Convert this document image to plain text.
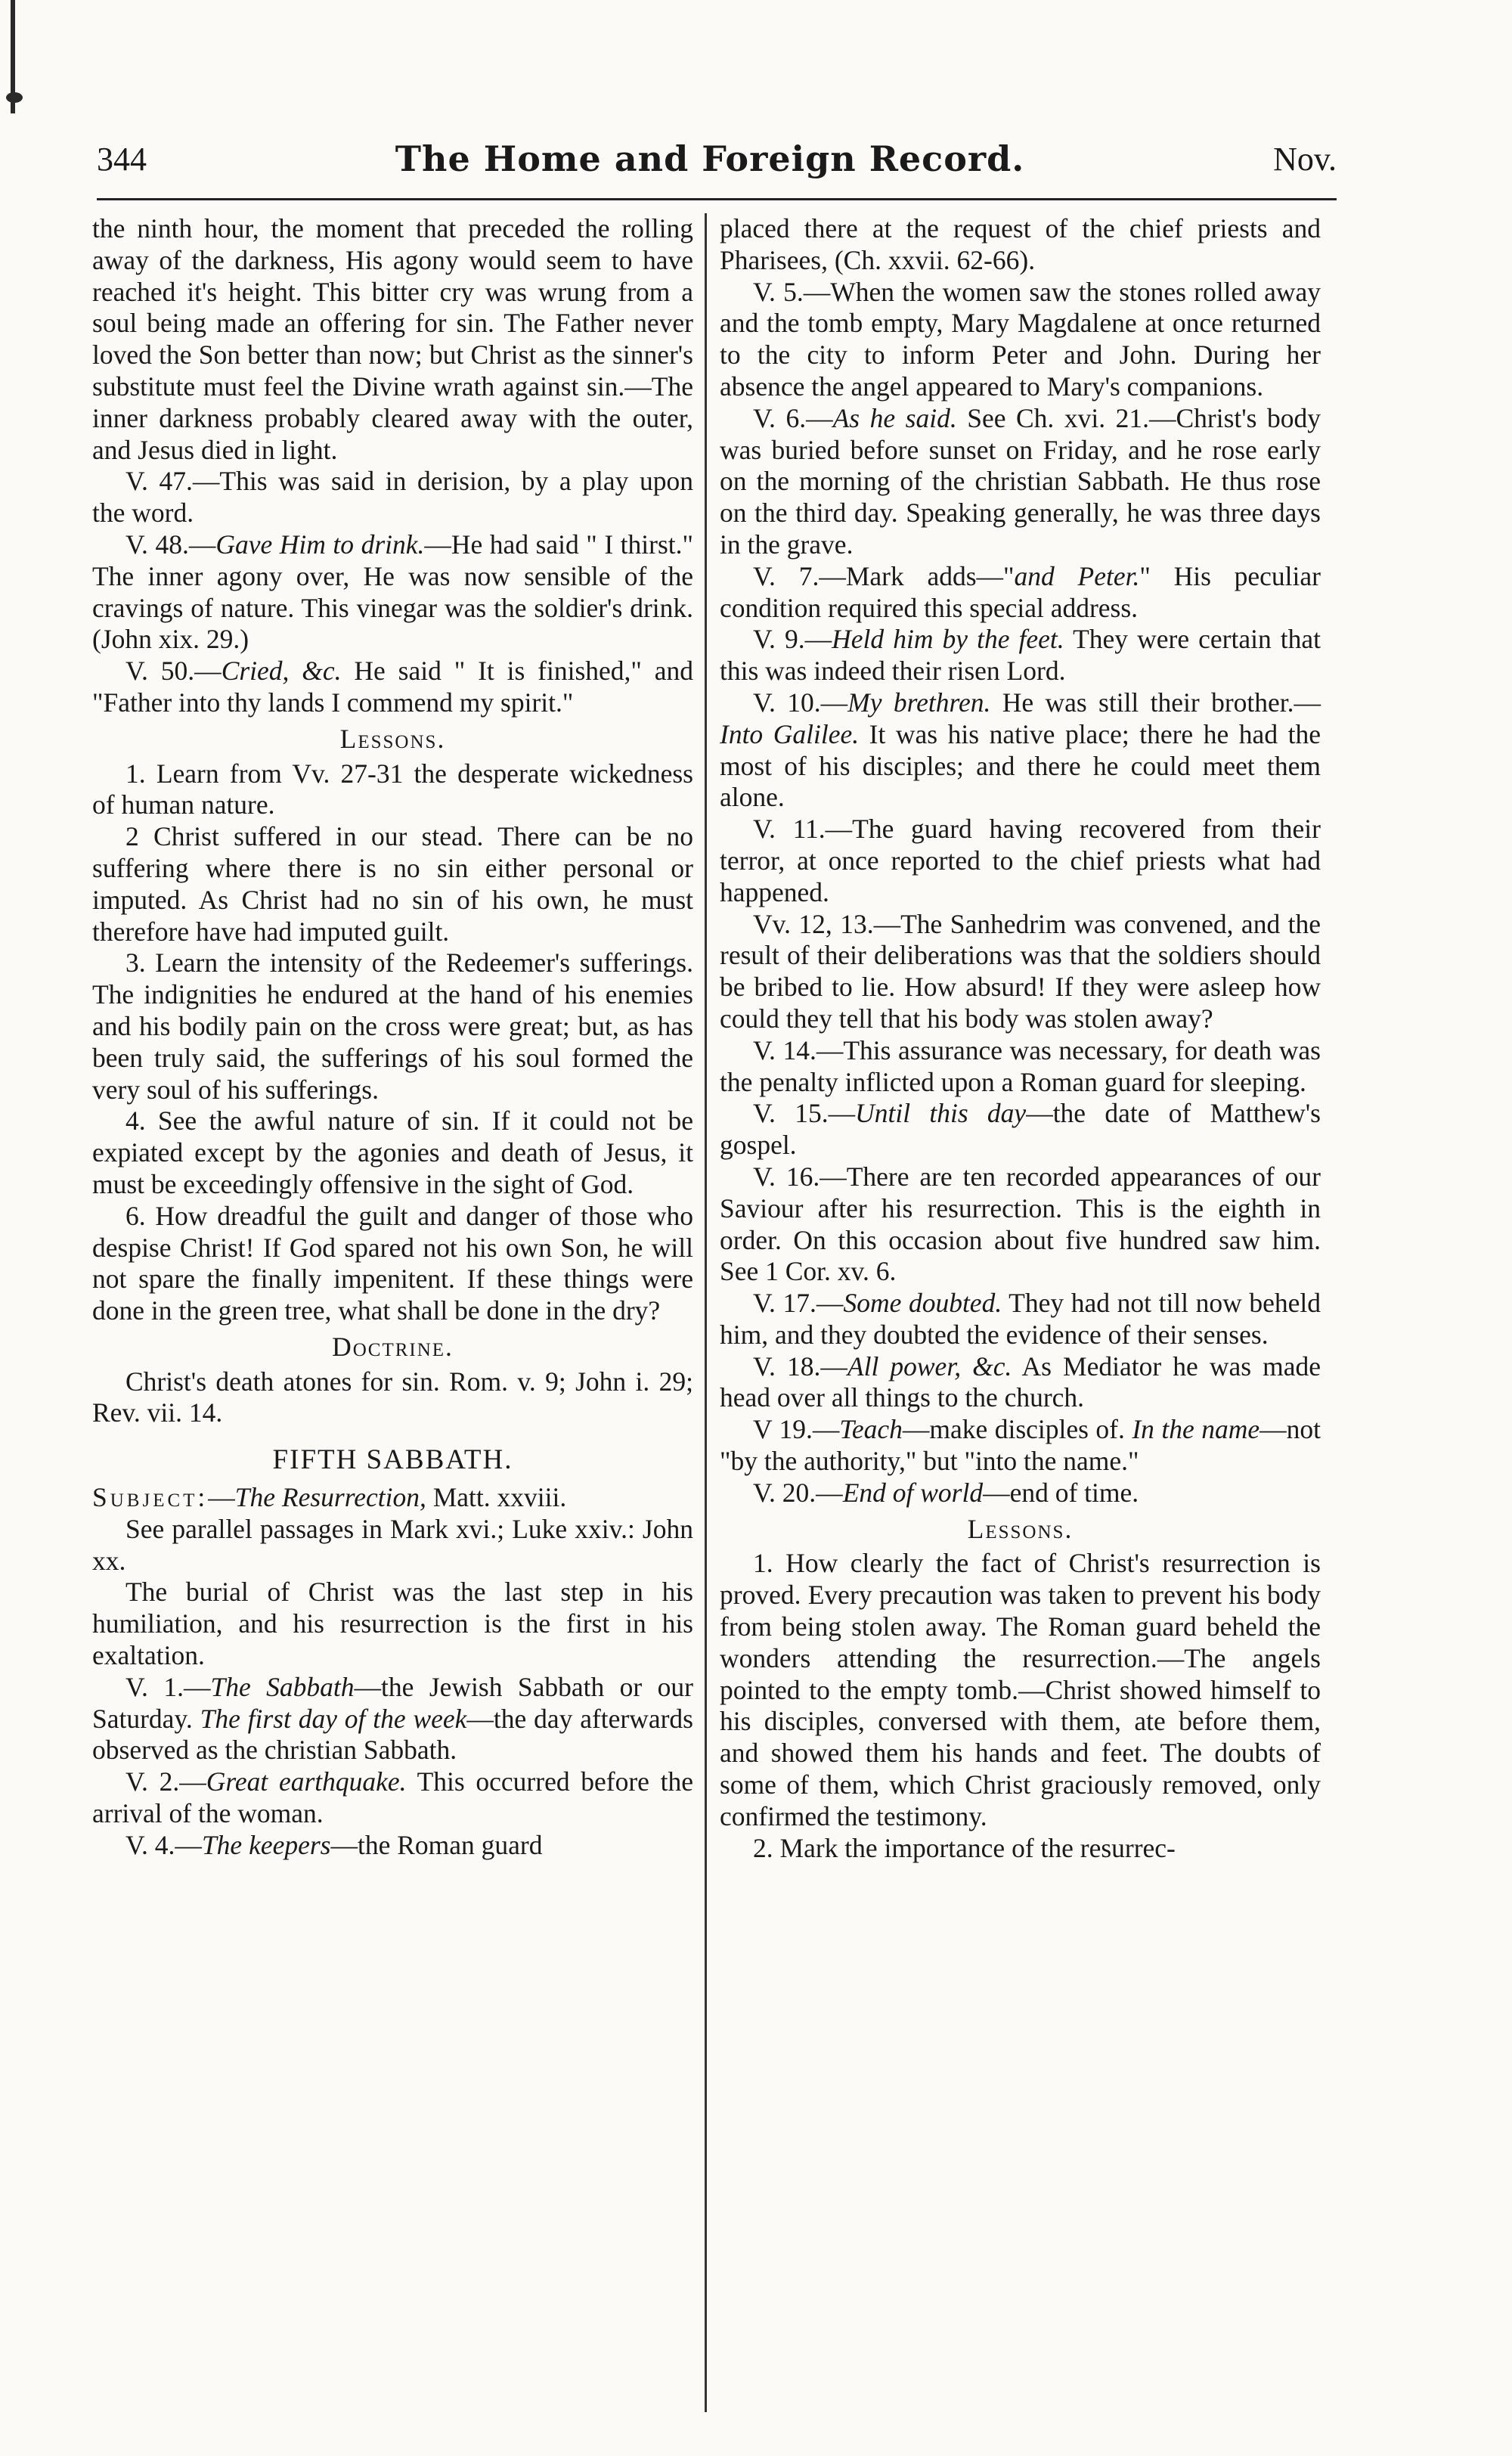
344	The Home and Foreign Record.	Nov.

the ninth hour, the moment that preceded the rolling away of the darkness, His agony would seem to have reached it's height. This bitter cry was wrung from a soul being made an offering for sin. The Father never loved the Son better than now; but Christ as the sinner's substitute must feel the Divine wrath against sin.—The inner darkness probably cleared away with the outer, and Jesus died in light.

V. 47.—This was said in derision, by a play upon the word.

V. 48.—Gave Him to drink.—He had said " I thirst." The inner agony over, He was now sensible of the cravings of nature. This vinegar was the soldier's drink. (John xix. 29.)

V. 50.—Cried, &c. He said " It is finished," and "Father into thy lands I commend my spirit."

Lessons.

1. Learn from Vv. 27-31 the desperate wickedness of human nature.

2 Christ suffered in our stead. There can be no suffering where there is no sin either personal or imputed. As Christ had no sin of his own, he must therefore have had imputed guilt.

3. Learn the intensity of the Redeemer's sufferings. The indignities he endured at the hand of his enemies and his bodily pain on the cross were great; but, as has been truly said, the sufferings of his soul formed the very soul of his sufferings.

4. See the awful nature of sin. If it could not be expiated except by the agonies and death of Jesus, it must be exceedingly offensive in the sight of God.

6. How dreadful the guilt and danger of those who despise Christ! If God spared not his own Son, he will not spare the finally impenitent. If these things were done in the green tree, what shall be done in the dry?

Doctrine.

Christ's death atones for sin. Rom. v. 9; John i. 29; Rev. vii. 14.

FIFTH SABBATH.

Subject:—The Resurrection, Matt. xxviii.

See parallel passages in Mark xvi.; Luke xxiv.: John xx.

The burial of Christ was the last step in his humiliation, and his resurrection is the first in his exaltation.

V. 1.—The Sabbath—the Jewish Sabbath or our Saturday. The first day of the week—the day afterwards observed as the christian Sabbath.

V. 2.—Great earthquake. This occurred before the arrival of the woman.

V. 4.—The keepers—the Roman guard

placed there at the request of the chief priests and Pharisees, (Ch. xxvii. 62-66).

V. 5.—When the women saw the stones rolled away and the tomb empty, Mary Magdalene at once returned to the city to inform Peter and John. During her absence the angel appeared to Mary's companions.

V. 6.—As he said. See Ch. xvi. 21.—Christ's body was buried before sunset on Friday, and he rose early on the morning of the christian Sabbath. He thus rose on the third day. Speaking generally, he was three days in the grave.

V. 7.—Mark adds—"and Peter." His peculiar condition required this special address.

V. 9.—Held him by the feet. They were certain that this was indeed their risen Lord.

V. 10.—My brethren. He was still their brother.—Into Galilee. It was his native place; there he had the most of his disciples; and there he could meet them alone.

V. 11.—The guard having recovered from their terror, at once reported to the chief priests what had happened.

Vv. 12, 13.—The Sanhedrim was convened, and the result of their deliberations was that the soldiers should be bribed to lie. How absurd! If they were asleep how could they tell that his body was stolen away?

V. 14.—This assurance was necessary, for death was the penalty inflicted upon a Roman guard for sleeping.

V. 15.—Until this day—the date of Matthew's gospel.

V. 16.—There are ten recorded appearances of our Saviour after his resurrection. This is the eighth in order. On this occasion about five hundred saw him. See 1 Cor. xv. 6.

V. 17.—Some doubted. They had not till now beheld him, and they doubted the evidence of their senses.

V. 18.—All power, &c. As Mediator he was made head over all things to the church.

V 19.—Teach—make disciples of. In the name—not "by the authority," but "into the name."

V. 20.—End of world—end of time.

Lessons.

1. How clearly the fact of Christ's resurrection is proved. Every precaution was taken to prevent his body from being stolen away. The Roman guard beheld the wonders attending the resurrection.—The angels pointed to the empty tomb.—Christ showed himself to his disciples, conversed with them, ate before them, and showed them his hands and feet. The doubts of some of them, which Christ graciously removed, only confirmed the testimony.

2. Mark the importance of the resurrec-
